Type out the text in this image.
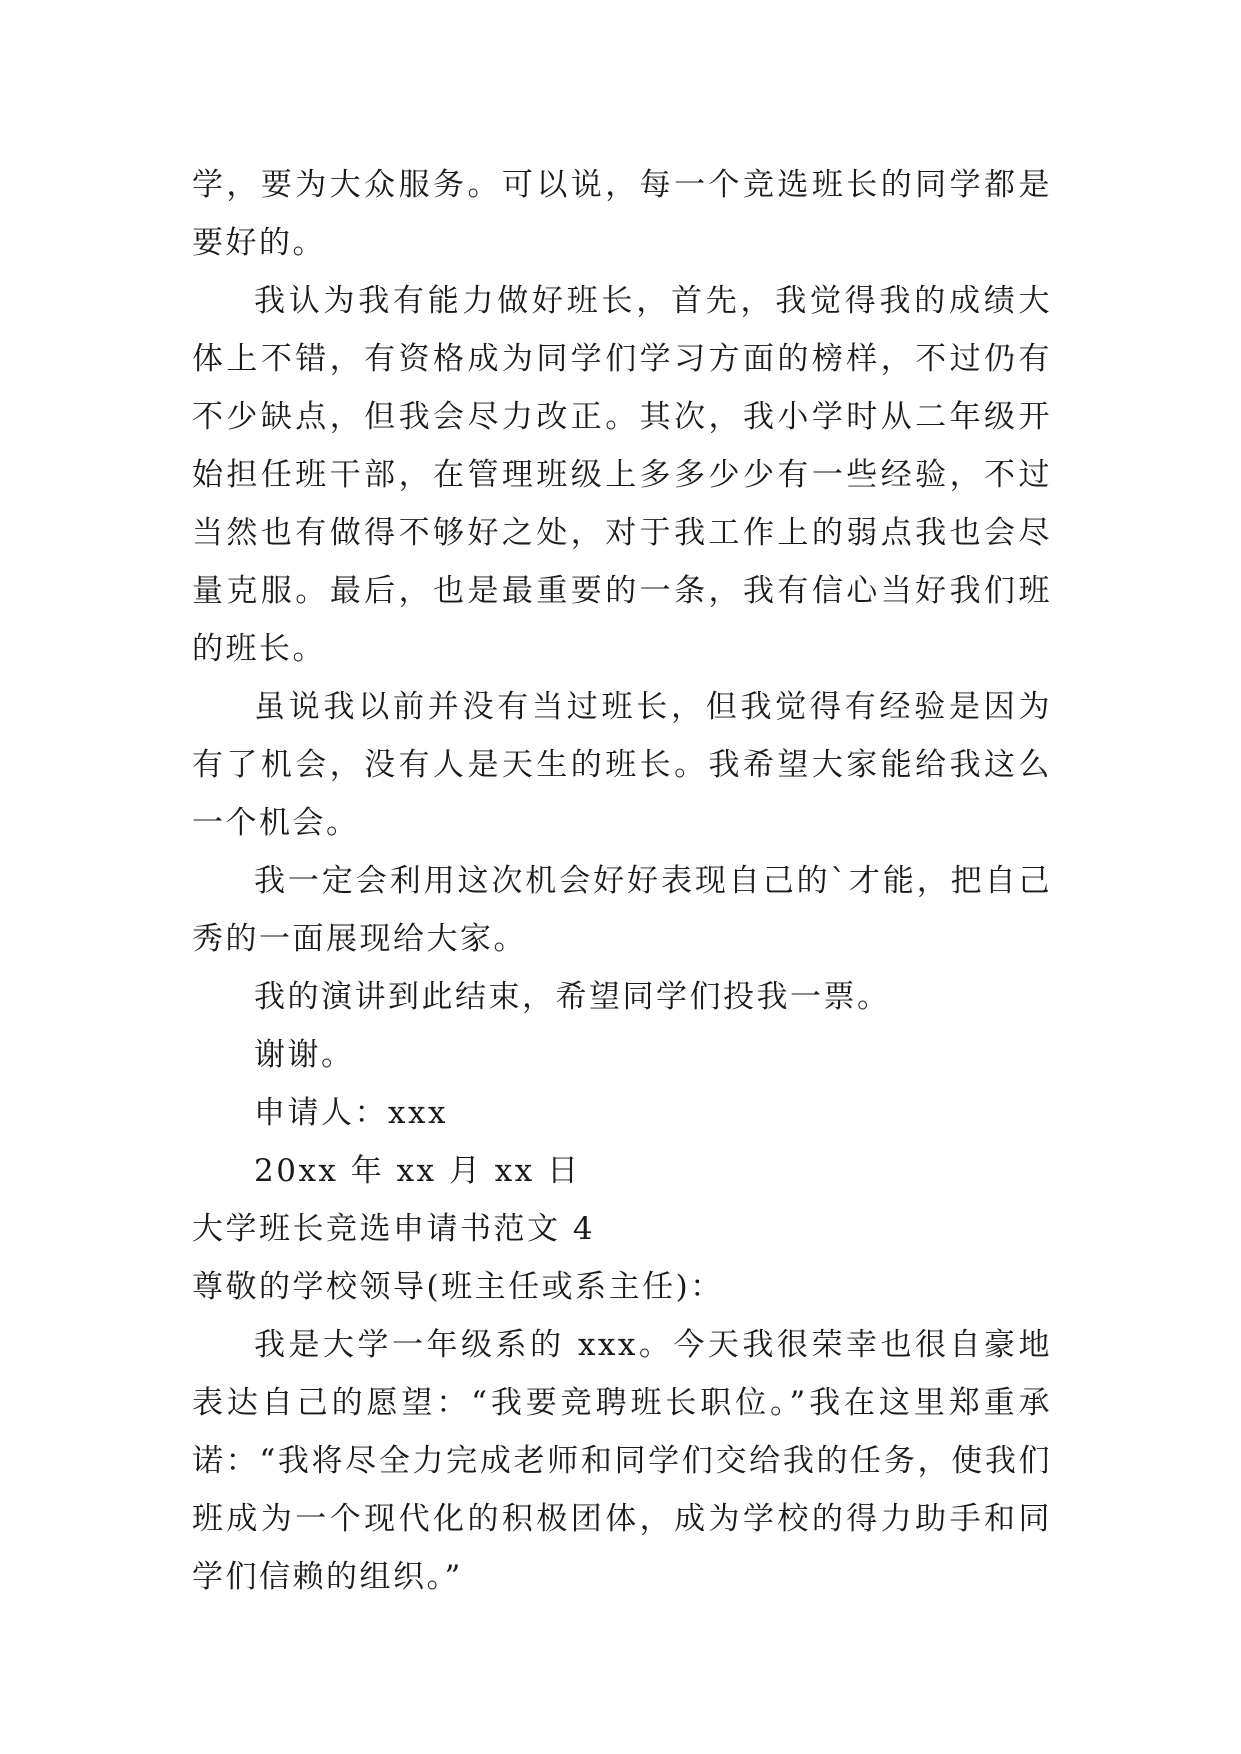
学，要为大众服务。可以说，每一个竞选班长的同学都是要好的。

我认为我有能力做好班长，首先，我觉得我的成绩大体上不错，有资格成为同学们学习方面的榜样，不过仍有不少缺点，但我会尽力改正。其次，我小学时从二年级开始担任班干部，在管理班级上多多少少有一些经验，不过当然也有做得不够好之处，对于我工作上的弱点我也会尽量克服。最后，也是最重要的一条，我有信心当好我们班的班长。

虽说我以前并没有当过班长，但我觉得有经验是因为有了机会，没有人是天生的班长。我希望大家能给我这么一个机会。

我一定会利用这次机会好好表现自己的`才能，把自己秀的一面展现给大家。

我的演讲到此结束，希望同学们投我一票。

谢谢。

申请人：xxx

20xx 年 xx 月 xx 日

大学班长竞选申请书范文 4

尊敬的学校领导(班主任或系主任)：

我是大学一年级系的 xxx。今天我很荣幸也很自豪地表达自己的愿望：“我要竞聘班长职位。”我在这里郑重承诺：“我将尽全力完成老师和同学们交给我的任务，使我们班成为一个现代化的积极团体，成为学校的得力助手和同学们信赖的组织。”
